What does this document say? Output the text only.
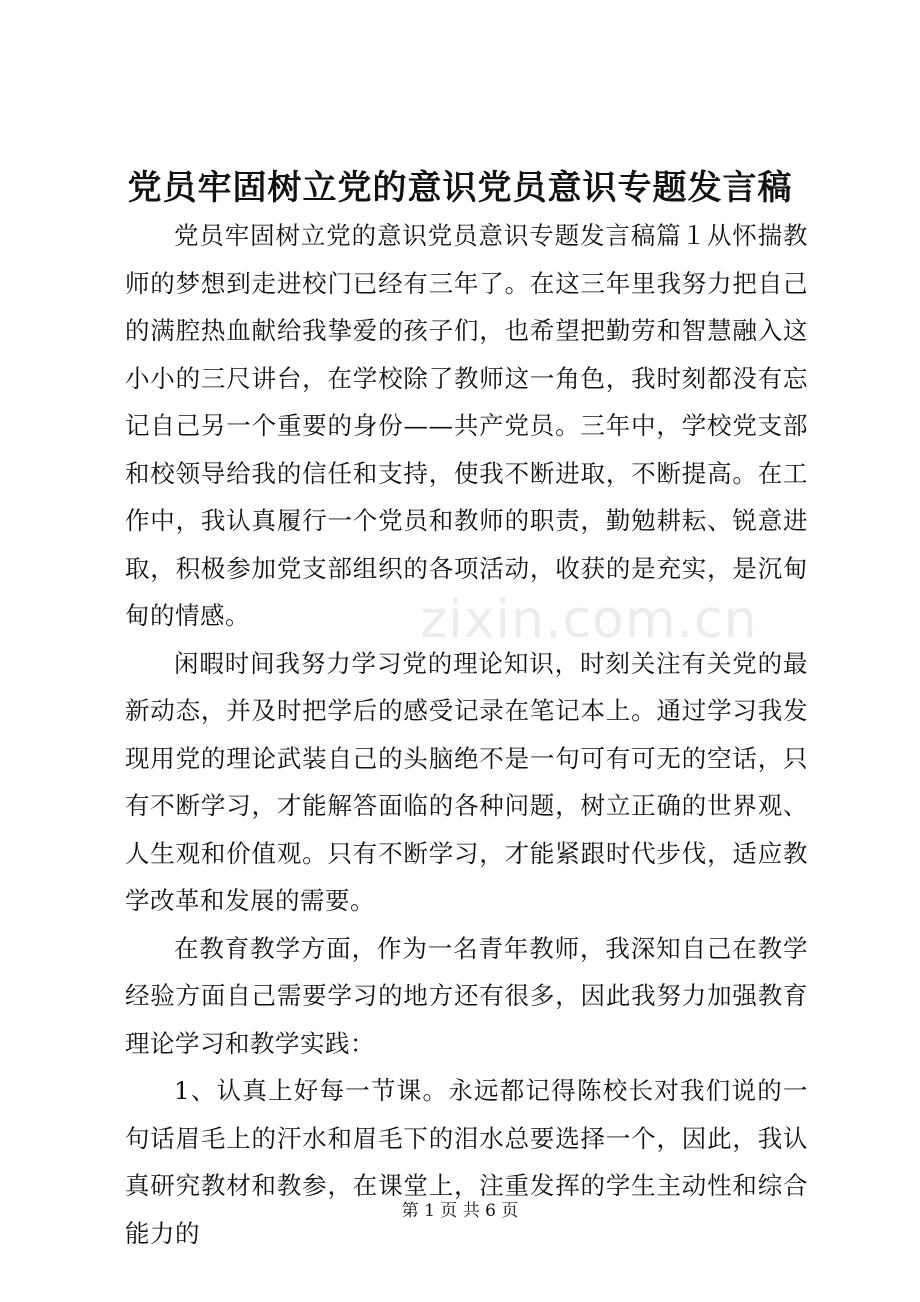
党员牢固树立党的意识党员意识专题发言稿

党员牢固树立党的意识党员意识专题发言稿篇１从怀揣教师的梦想到走进校门已经有三年了。在这三年里我努力把自己的满腔热血献给我挚爱的孩子们，也希望把勤劳和智慧融入这小小的三尺讲台，在学校除了教师这一角色，我时刻都没有忘记自己另一个重要的身份——共产党员。三年中，学校党支部和校领导给我的信任和支持，使我不断进取，不断提高。在工作中，我认真履行一个党员和教师的职责，勤勉耕耘、锐意进取，积极参加党支部组织的各项活动，收获的是充实，是沉甸甸的情感。

闲暇时间我努力学习党的理论知识，时刻关注有关党的最新动态，并及时把学后的感受记录在笔记本上。通过学习我发现用党的理论武装自己的头脑绝不是一句可有可无的空话，只有不断学习，才能解答面临的各种问题，树立正确的世界观、人生观和价值观。只有不断学习，才能紧跟时代步伐，适应教学改革和发展的需要。

在教育教学方面，作为一名青年教师，我深知自己在教学经验方面自己需要学习的地方还有很多，因此我努力加强教育理论学习和教学实践：

1、认真上好每一节课。永远都记得陈校长对我们说的一句话眉毛上的汗水和眉毛下的泪水总要选择一个，因此，我认真研究教材和教参，在课堂上，注重发挥的学生主动性和综合能力的

zixin.com.cn
第 1 页 共 6 页
